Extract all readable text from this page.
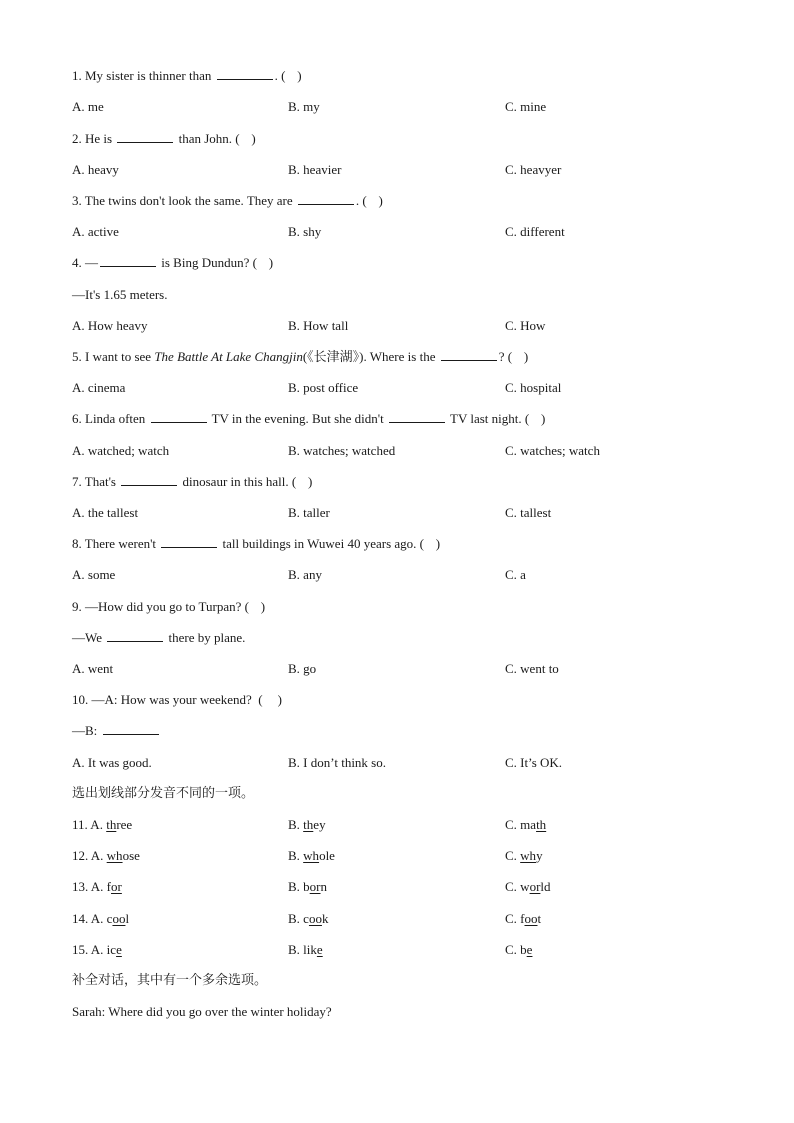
1. My sister is thinner than	. ( )
A. me	B. my	C. mine
2. He is	than John. ( )
A. heavy	B. heavier	C. heavyer
3. The twins don't look the same. They are	. ( )
A. active	B. shy	C. different
4. —	is Bing Dundun? ( )
—It's 1.65 meters.
A. How heavy	B. How tall	C. How
5. I want to see The Battle At Lake Changjin(《长津湖》). Where is the	? ( )
A. cinema	B. post office	C. hospital
6. Linda often	TV in the evening. But she didn't	TV last night. ( )
A. watched; watch	B. watches; watched	C. watches; watch
7. That's	dinosaur in this hall. ( )
A. the tallest	B. taller	C. tallest
8. There weren't	tall buildings in Wuwei 40 years ago. ( )
A. some	B. any	C. a
9. —How did you go to Turpan? ( )
—We	there by plane.
A. went	B. go	C. went to
10. —A: How was your weekend?  ( )
—B:
A. It was good.	B. I don’t think so.	C. It’s OK.
选出划线部分发音不同的一项。
11. A. three	B. they	C. math
12. A. whose	B. whole	C. why
13. A. for	B. born	C. world
14. A. cool	B. cook	C. foot
15. A. ice	B. like	C. be
补全对话，其中有一个多余选项。
Sarah: Where did you go over the winter holiday?
